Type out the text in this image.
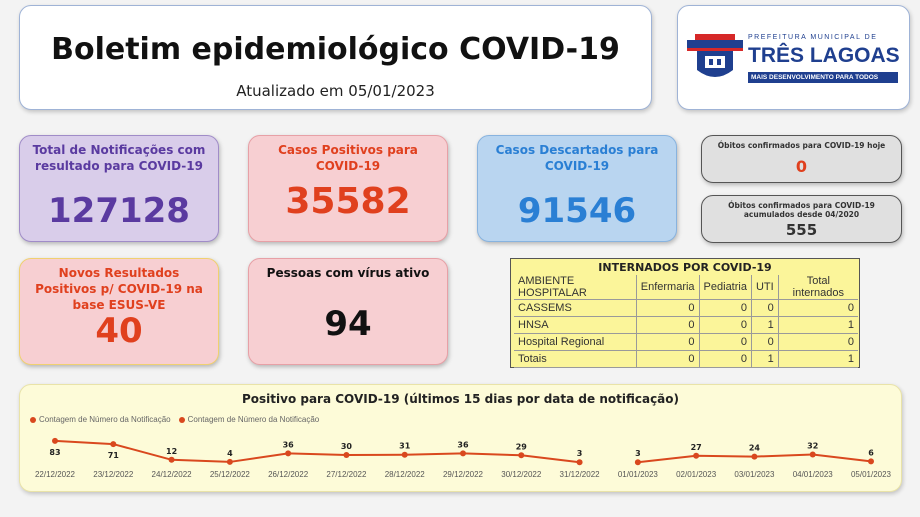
Boletim epidemiológico COVID-19
Atualizado em 05/01/2023
PREFEITURA MUNICIPAL DE
TRÊS LAGOAS
MAIS DESENVOLVIMENTO PARA TODOS
Total de Notificações com resultado para COVID-19
127128
Casos Positivos para COVID-19
35582
Casos Descartados para COVID-19
91546
Óbitos confirmados para COVID-19 hoje
0
Óbitos confirmados para COVID-19 acumulados desde 04/2020
555
Novos Resultados Positivos p/ COVID-19 na base ESUS-VE
40
Pessoas com vírus ativo
94
INTERNADOS POR COVID-19
AMBIENTE HOSPITALAR	Enfermaria	Pediatria	UTI	Total internados
CASSEMS	0	0	0	0
HNSA	0	0	1	1
Hospital Regional	0	0	0	0
Totais	0	0	1	1
Positivo para COVID-19 (últimos 15 dias por data de notificação)
Contagem de Número da Notificação	Contagem de Número da Notificação
22/12/2022 23/12/2022 24/12/2022 25/12/2022 26/12/2022 27/12/2022 28/12/2022 29/12/2022 30/12/2022 31/12/2022 01/01/2023 02/01/2023 03/01/2023 04/01/2023 05/01/2023
83	71	12	4
36	30	31	36	29
3	3
27	24	32
6
